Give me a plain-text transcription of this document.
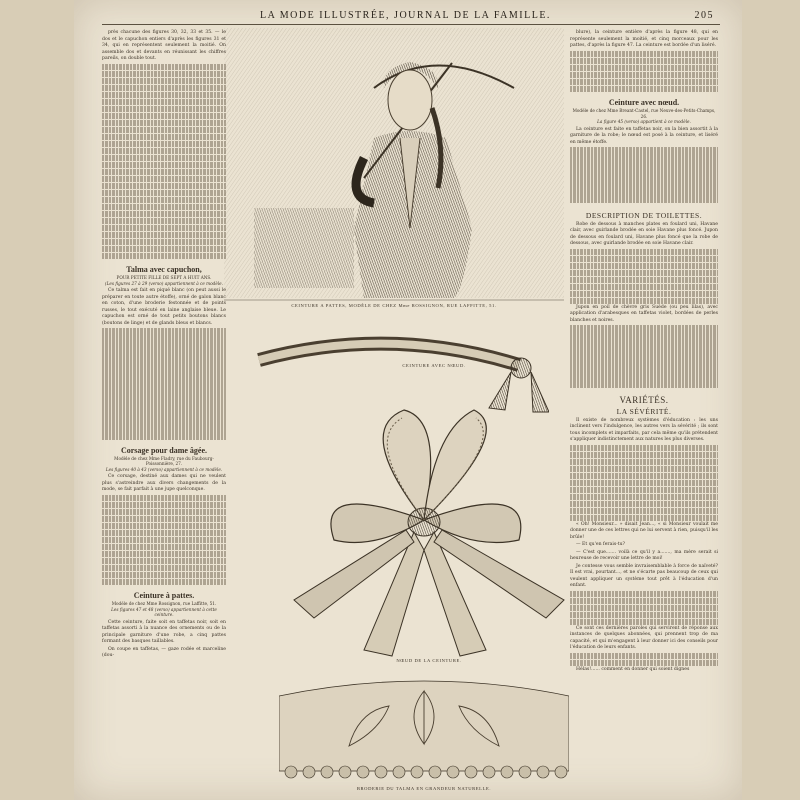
LA MODE ILLUSTRÉE, JOURNAL DE LA FAMILLE.	205

près chacune des figures 30, 32, 33 et 35. — le dos et le capuchon entiers d'après les figures 31 et 34, qui en représentent seulement la moitié. On assemble dos et devants en réunissant les chiffres pareils, on double tout.

Talma avec capuchon,

POUR PETITE FILLE DE SEPT A HUIT ANS.

(Les figures 27 à 29 (verso) appartiennent à ce modèle.

Ce talma est fait en piqué blanc (on peut aussi le préparer en toute autre étoffe), orné de galon blanc en coton, d'une broderie festonnée et de points russes, le tout exécuté en laine anglaise bleue. Le capuchon est orné de tout petits boutons blancs (boutons de linge) et de glands bleus et blancs.

Corsage pour dame âgée.

Modèle de chez Mme Fladry, rue du Faubourg-Poissonnière, 27.

Les figures 40 à 43 (verso) appartiennent à ce modèle.

Ce corsage, destiné aux dames qui ne veulent plus s'astreindre aux divers changements de la mode, se fait parfait à une jupe quelconque.

Ceinture à pattes.

Modèle de chez Mme Rossignon, rue Laffitte, 51.

Les figures 47 et 48 (verso) appartiennent à cette ceinture.

Cette ceinture, faite soit en taffetas noir, soit en taffetas assorti à la nuance des ornements ou de la principale garniture d'une robe, a cinq pattes formant des basques taillables.

On coupe en taffetas, — gaze rodée et marceline (dou-

CEINTURE A PATTES, MODÈLE DE CHEZ Mme ROSSIGNON, RUE LAFFITTE, 51.
CEINTURE AVEC NŒUD.
NŒUD DE LA CEINTURE.
BRODERIE DU TALMA EN GRANDEUR NATURELLE.

blure), la ceinture entière d'après la figure 48, qui en représente seulement la moitié, et cinq morceaux pour les pattes, d'après la figure 47. La ceinture est bordée d'un liséré.

Ceinture avec nœud.

Modèle de chez Mme Breant-Castel, rue Neuve-des-Petits-Champs, 26.

La figure 45 (verso) appartient à ce modèle.

La ceinture est faite en taffetas noir, on la bien assortit à la garniture de la robe; le nœud est posé à la ceinture, et liséré en même étoffe.

DESCRIPTION DE TOILETTES.

Robe de dessous à manches plates en foulard uni, Havane clair, avec guirlande brodée en soie Havane plus foncé. Jupon de dessous en foulard uni, Havane plus foncé que la robe de dessous, avec guirlande brodée en soie Havane clair.

Jupon en poil de chèvre gris Suède (ou peu lilas), avec application d'arabesques en taffetas violet, bordées de perles blanches et noires.

VARIÉTÉS.

LA SÉVÉRITÉ.

Il existe de nombreux systèmes d'éducation : les uns inclinent vers l'indulgence, les autres vers la sévérité ; ils sont tous incomplets et imparfaits, par cela même qu'ils prétendent s'appliquer indistinctement aux natures les plus diverses.

« Oh! Monsieur... » disait Jean..., « si Monsieur voulait me donner une de ces lettres qui ne lui servent à rien, puisqu'il les brûle!

— Et qu'en ferais-tu?

— C'est que....... voilà ce qu'il y a......., ma mère serait si heureuse de recevoir une lettre de moi!

Je contesse vous semble invraisemblable à force de naïveté? Il est vrai, pourtant..., et ne s'écarte pas beaucoup de ceux qui veulent appliquer un système tout prêt à l'éducation d'un enfant.

Ce sont ces dernières paroles qui servirent de réponse aux instances de quelques abonnées, qui prennent trop de ma capacité, et qui m'engagent à leur donner ici des conseils pour l'éducation de leurs enfants.

Hélas!...... comment en donner qui soient dignes
